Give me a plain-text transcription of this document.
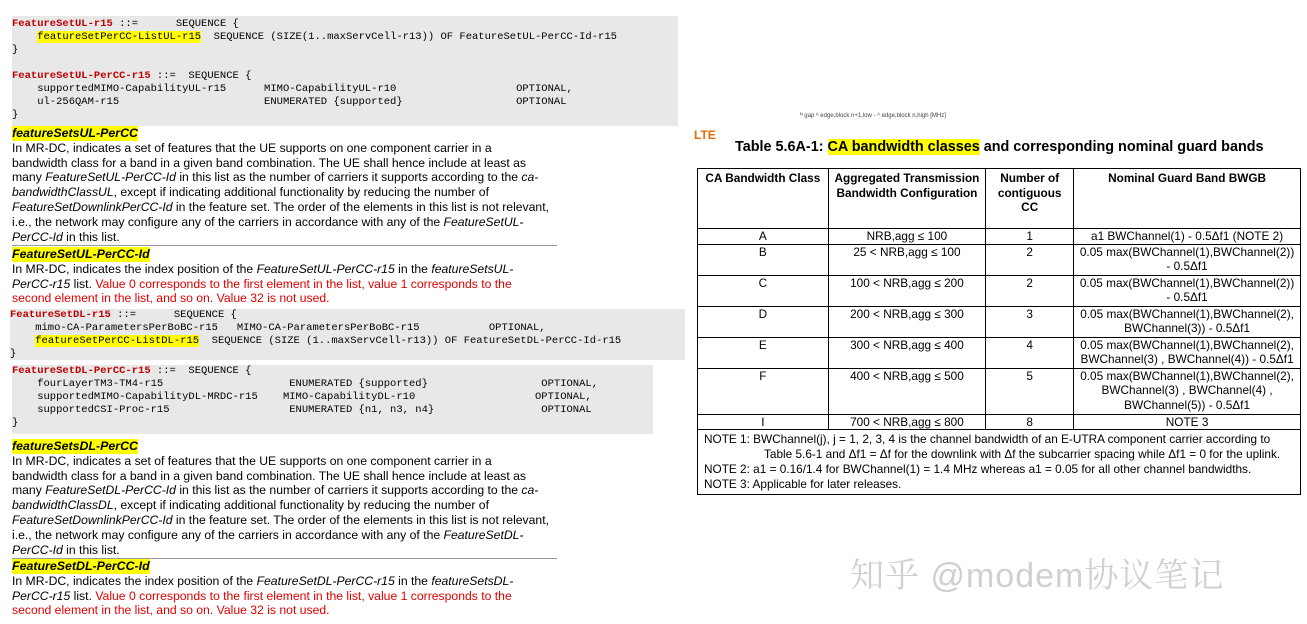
FeatureSetUL-r15 ::=      SEQUENCE {
featureSetPerCC-ListUL-r15  SEQUENCE (SIZE(1..maxServCell-r13)) OF FeatureSetUL-PerCC-Id-r15
}

FeatureSetUL-PerCC-r15 ::=  SEQUENCE {
supportedMIMO-CapabilityUL-r15      MIMO-CapabilityUL-r10                   OPTIONAL,
ul-256QAM-r15                       ENUMERATED {supported}                  OPTIONAL
}
featureSetsUL-PerCC
In MR-DC, indicates a set of features that the UE supports on one component carrier in a bandwidth class for a band in a given band combination. The UE shall hence include at least as many FeatureSetUL-PerCC-Id in this list as the number of carriers it supports according to the ca-bandwidthClassUL, except if indicating additional functionality by reducing the number of FeatureSetDownlinkPerCC-Id in the feature set. The order of the elements in this list is not relevant, i.e., the network may configure any of the carriers in accordance with any of the FeatureSetUL-PerCC-Id in this list.
FeatureSetUL-PerCC-Id
In MR-DC, indicates the index position of the FeatureSetUL-PerCC-r15 in the featureSetsUL-PerCC-r15 list. Value 0 corresponds to the first element in the list, value 1 corresponds to the second element in the list, and so on. Value 32 is not used.
FeatureSetDL-r15 ::=      SEQUENCE {
mimo-CA-ParametersPerBoBC-r15   MIMO-CA-ParametersPerBoBC-r15           OPTIONAL,
featureSetPerCC-ListDL-r15  SEQUENCE (SIZE (1..maxServCell-r13)) OF FeatureSetDL-PerCC-Id-r15
}
FeatureSetDL-PerCC-r15 ::=  SEQUENCE {
fourLayerTM3-TM4-r15                    ENUMERATED {supported}                  OPTIONAL,
supportedMIMO-CapabilityDL-MRDC-r15    MIMO-CapabilityDL-r10                   OPTIONAL,
supportedCSI-Proc-r15                   ENUMERATED {n1, n3, n4}                 OPTIONAL
}
featureSetsDL-PerCC
In MR-DC, indicates a set of features that the UE supports on one component carrier in a bandwidth class for a band in a given band combination. The UE shall hence include at least as many FeatureSetDL-PerCC-Id in this list as the number of carriers it supports according to the ca-bandwidthClassDL, except if indicating additional functionality by reducing the number of FeatureSetDownlinkPerCC-Id in the feature set. The order of the elements in this list is not relevant, i.e., the network may configure any of the carriers in accordance with any of the FeatureSetDL-PerCC-Id in this list.
FeatureSetDL-PerCC-Id
In MR-DC, indicates the index position of the FeatureSetDL-PerCC-r15 in the featureSetsDL-PerCC-r15 list. Value 0 corresponds to the first element in the list, value 1 corresponds to the second element in the list, and so on. Value 32 is not used.
ᴺ gap ᴬ edge,block n+1,low - ᴬ edge,block n,high [MHz]
LTE
Table 5.6A-1: CA bandwidth classes and corresponding nominal guard bands
CA Bandwidth Class	Aggregated Transmission Bandwidth Configuration	Number of contiguous CC	Nominal Guard Band BWGB
A	NRB,agg ≤ 100	1	a1 BWChannel(1) - 0.5Δf1 (NOTE 2)
B	25 < NRB,agg ≤ 100	2	0.05 max(BWChannel(1),BWChannel(2)) - 0.5Δf1
C	100 < NRB,agg ≤ 200	2	0.05 max(BWChannel(1),BWChannel(2)) - 0.5Δf1
D	200 < NRB,agg ≤ 300	3	0.05 max(BWChannel(1),BWChannel(2), BWChannel(3)) - 0.5Δf1
E	300 < NRB,agg ≤ 400	4	0.05 max(BWChannel(1),BWChannel(2), BWChannel(3) , BWChannel(4)) - 0.5Δf1
F	400 < NRB,agg ≤ 500	5	0.05 max(BWChannel(1),BWChannel(2), BWChannel(3) , BWChannel(4) , BWChannel(5)) - 0.5Δf1
I	700 < NRB,agg ≤ 800	8	NOTE 3

NOTE 1: BWChannel(j), j = 1, 2, 3, 4 is the channel bandwidth of an E-UTRA component carrier according to Table 5.6-1 and Δf1 = Δf for the downlink with Δf the subcarrier spacing while Δf1 = 0 for the uplink.
NOTE 2: a1 = 0.16/1.4 for BWChannel(1) = 1.4 MHz whereas a1 = 0.05 for all other channel bandwidths.
NOTE 3: Applicable for later releases.			
知乎 @modem协议笔记
